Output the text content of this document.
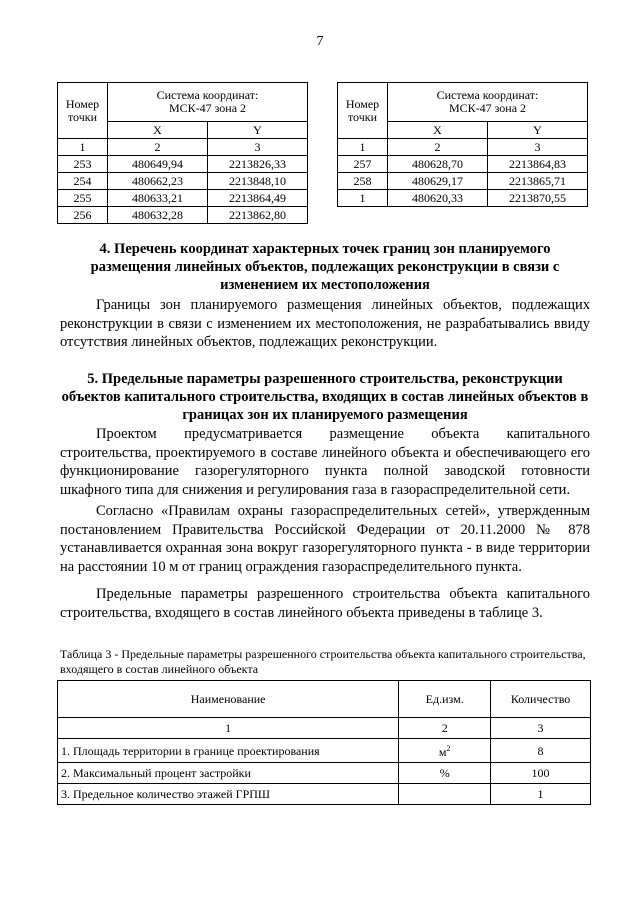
7
Номер точки	Система координат:
МСК-47 зона 2	
	X	Y
1	2	3
253	480649,94	2213826,33
254	480662,23	2213848,10
255	480633,21	2213864,49
256	480632,28	2213862,80
Номер точки	Система координат:
МСК-47 зона 2	
	X	Y
1	2	3
257	480628,70	2213864,83
258	480629,17	2213865,71
1	480620,33	2213870,55
4. Перечень координат характерных точек границ зон планируемого размещения линейных объектов, подлежащих реконструкции в связи с изменением их местоположения

Границы зон планируемого размещения линейных объектов, подлежащих реконструкции в связи с изменением их местоположения, не разрабатывались ввиду отсутствия линейных объектов, подлежащих реконструкции.

5. Предельные параметры разрешенного строительства, реконструкции объектов капитального строительства, входящих в состав линейных объектов в границах зон их планируемого размещения

Проектом предусматривается размещение объекта капитального строительства, проектируемого в составе линейного объекта и обеспечивающего его функционирование газорегуляторного пункта полной заводской готовности шкафного типа для снижения и регулирования газа в газораспределительной сети.

Согласно «Правилам охраны газораспределительных сетей», утвержденным постановлением Правительства Российской Федерации от 20.11.2000 № 878 устанавливается охранная зона вокруг газорегуляторного пункта - в виде территории на расстоянии 10 м от границ ограждения газораспределительного пункта.

Предельные параметры разрешенного строительства объекта капитального строительства, входящего в состав линейного объекта приведены в таблице 3.

Таблица 3 - Предельные параметры разрешенного строительства объекта капитального строительства, входящего в состав линейного объекта

Наименование	Ед.изм.	Количество
1	2	3
1. Площадь территории в границе проектирования	$м^2$	8
2. Максимальный процент застройки	%	100
3. Предельное количество этажей ГРПШ		1
